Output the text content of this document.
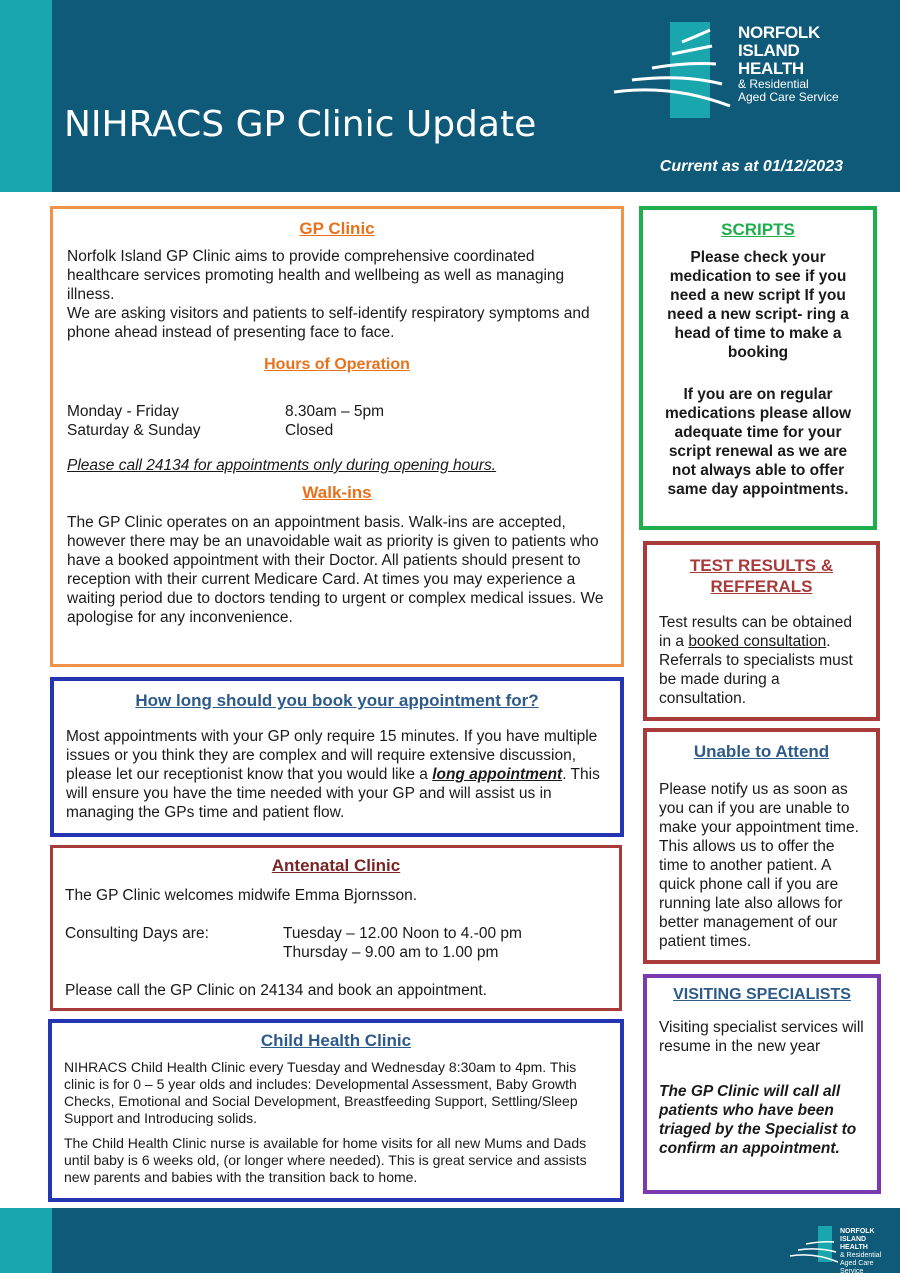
NIHRACS GP Clinic Update
Current as at 01/12/2023
NORFOLK
ISLAND
HEALTH
& Residential
Aged Care Service
GP Clinic

Norfolk Island GP Clinic aims to provide comprehensive coordinated healthcare services promoting health and wellbeing as well as managing illness.

We are asking visitors and patients to self-identify respiratory symptoms and phone ahead instead of presenting face to face.

Hours of Operation
Monday - Friday	8.30am – 5pm
Saturday & Sunday	Closed

Please call 24134 for appointments only during opening hours.

Walk-ins

The GP Clinic operates on an appointment basis. Walk-ins are accepted, however there may be an unavoidable wait as priority is given to patients who have a booked appointment with their Doctor. All patients should present to reception with their current Medicare Card. At times you may experience a waiting period due to doctors tending to urgent or complex medical issues. We apologise for any inconvenience.

How long should you book your appointment for?

Most appointments with your GP only require 15 minutes. If you have multiple issues or you think they are complex and will require extensive discussion, please let our receptionist know that you would like a long appointment. This will ensure you have the time needed with your GP and will assist us in managing the GPs time and patient flow.

Antenatal Clinic

The GP Clinic welcomes midwife Emma Bjornsson.

Consulting Days are:	Tuesday – 12.00 Noon to 4.-00 pm
Thursday – 9.00 am to 1.00 pm

Please call the GP Clinic on 24134 and book an appointment.

Child Health Clinic

NIHRACS Child Health Clinic every Tuesday and Wednesday 8:30am to 4pm. This clinic is for 0 – 5 year olds and includes: Developmental Assessment, Baby Growth Checks, Emotional and Social Development, Breastfeeding Support, Settling/Sleep Support and Introducing solids.

The Child Health Clinic nurse is available for home visits for all new Mums and Dads until baby is 6 weeks old, (or longer where needed). This is great service and assists new parents and babies with the transition back to home.

SCRIPTS

Please check your medication to see if you need a new script If you need a new script- ring a head of time to make a booking

If you are on regular medications please allow adequate time for your script renewal as we are not always able to offer same day appointments.

TEST RESULTS & REFFERALS

Test results can be obtained in a booked consultation. Referrals to specialists must be made during a consultation.

Unable to Attend

Please notify us as soon as you can if you are unable to make your appointment time. This allows us to offer the time to another patient. A quick phone call if you are running late also allows for better management of our patient times.

VISITING SPECIALISTS

Visiting specialist services will resume in the new year

The GP Clinic will call all patients who have been triaged by the Specialist to confirm an appointment.

NORFOLK
ISLAND
HEALTH
& Residential
Aged Care Service
